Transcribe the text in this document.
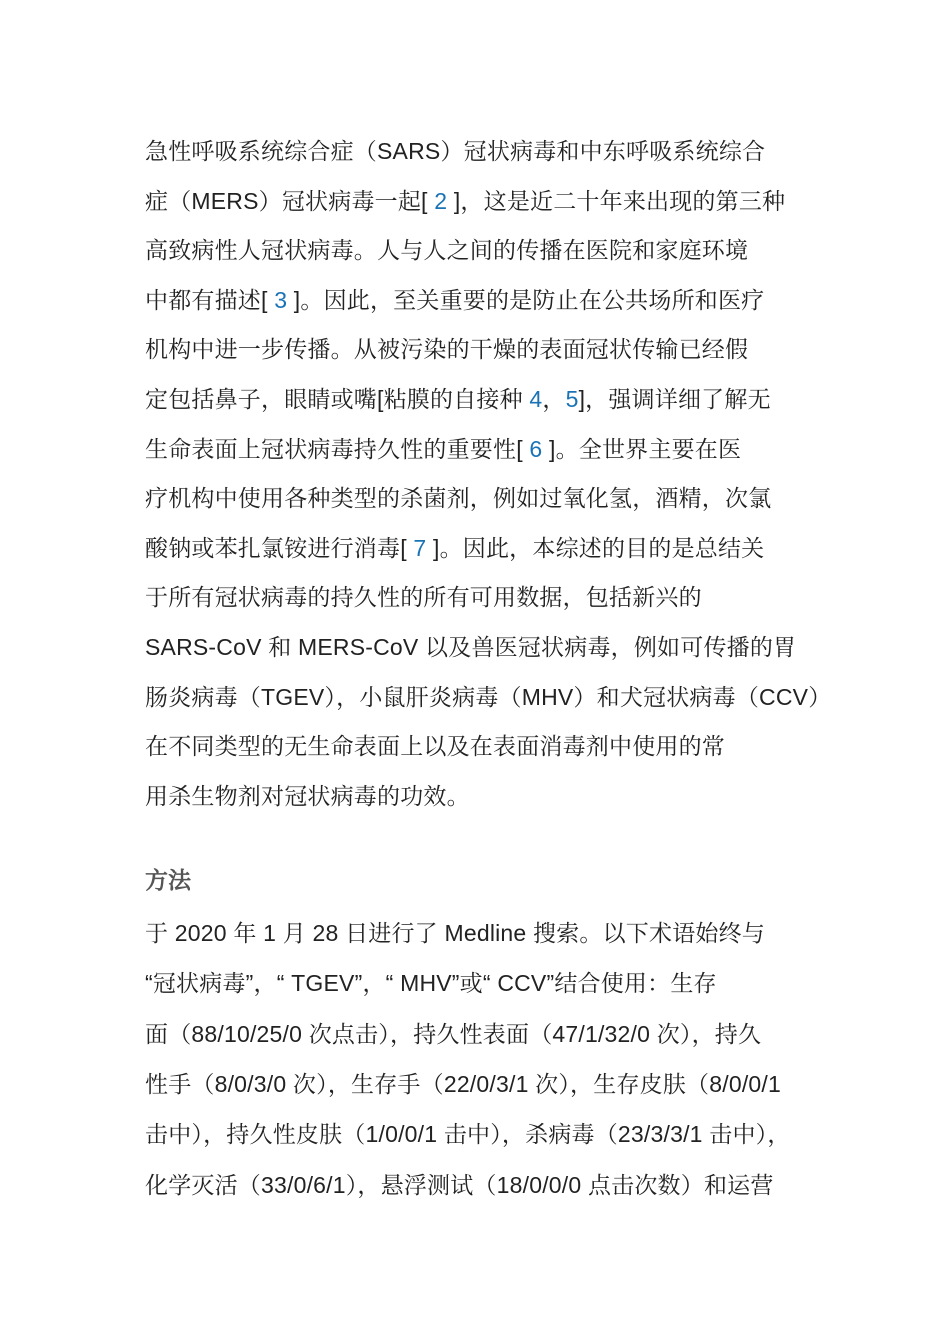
急性呼吸系统综合症（SARS）冠状病毒和中东呼吸系统综合
症（MERS）冠状病毒一起[ 2 ]，这是近二十年来出现的第三种
高致病性人冠状病毒。人与人之间的传播在医院和家庭环境
中都有描述[ 3 ]。因此，至关重要的是防止在公共场所和医疗
机构中进一步传播。从被污染的干燥的表面冠状传输已经假
定包括鼻子，眼睛或嘴[粘膜的自接种 4，5]，强调详细了解无
生命表面上冠状病毒持久性的重要性[ 6 ]。全世界主要在医
疗机构中使用各种类型的杀菌剂，例如过氧化氢，酒精，次氯
酸钠或苯扎氯铵进行消毒[ 7 ]。因此，本综述的目的是总结关
于所有冠状病毒的持久性的所有可用数据，包括新兴的
SARS-CoV 和 MERS-CoV 以及兽医冠状病毒，例如可传播的胃
肠炎病毒（TGEV），小鼠肝炎病毒（MHV）和犬冠状病毒（CCV）
在不同类型的无生命表面上以及在表面消毒剂中使用的常
用杀生物剂对冠状病毒的功效。
方法
于 2020 年 1 月 28 日进行了 Medline 搜索。以下术语始终与
“冠状病毒”，“ TGEV”，“ MHV”或“ CCV”结合使用：生存
面（88/10/25/0 次点击），持久性表面（47/1/32/0 次），持久
性手（8/0/3/0 次），生存手（22/0/3/1 次），生存皮肤（8/0/0/1
击中），持久性皮肤（1/0/0/1 击中），杀病毒（23/3/3/1 击中），
化学灭活（33/0/6/1），悬浮测试（18/0/0/0 点击次数）和运营
